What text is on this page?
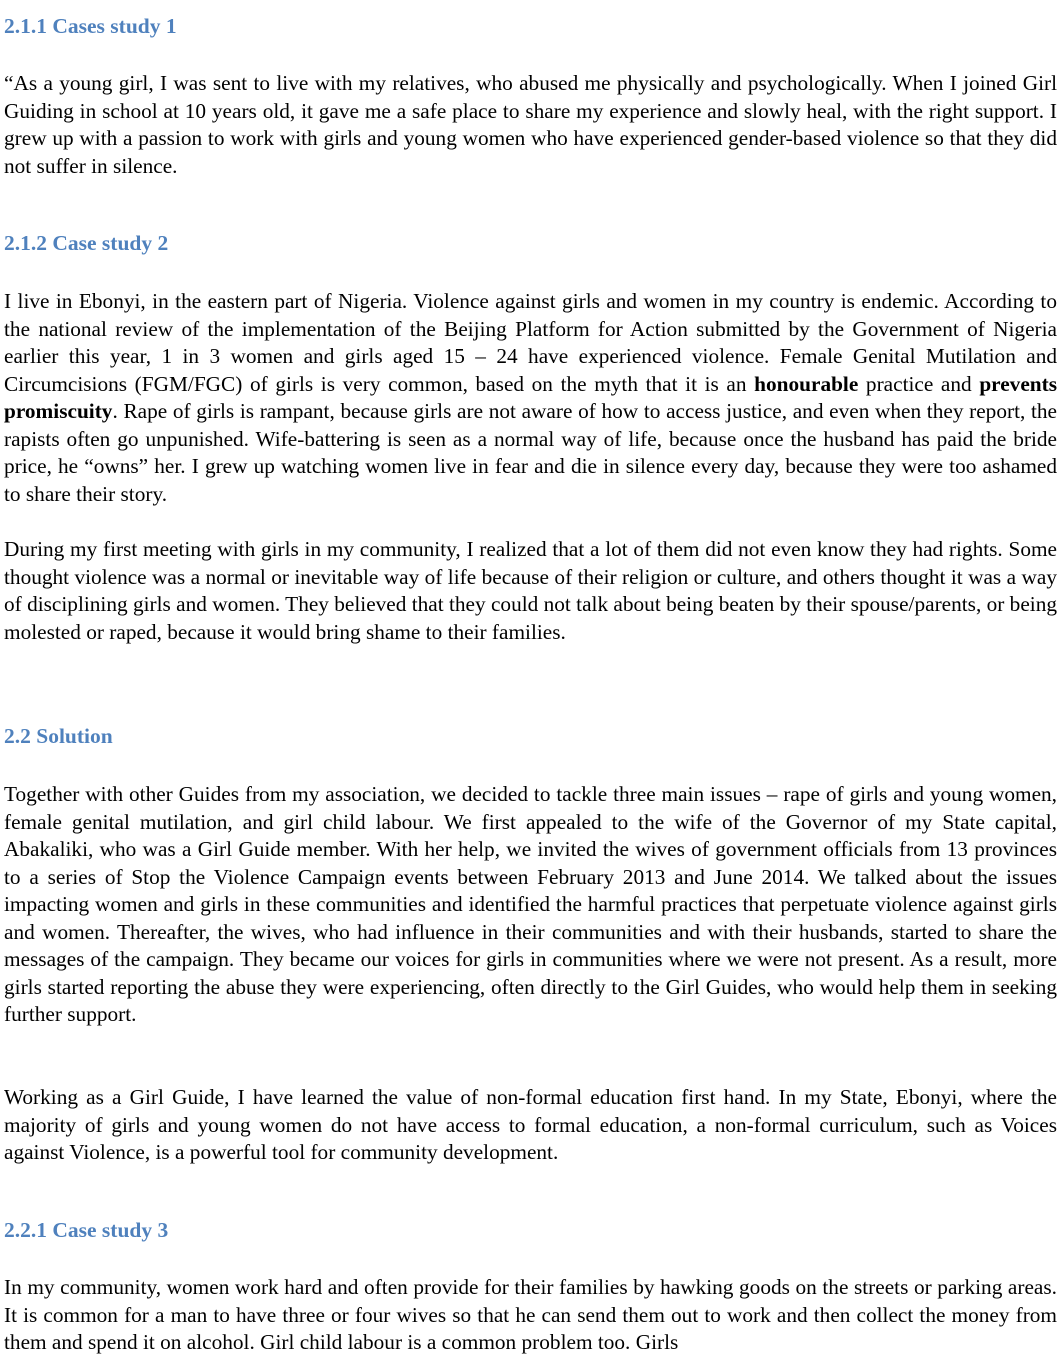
2.1.1 Cases study 1

“As a young girl, I was sent to live with my relatives, who abused me physically and psychologically. When I joined Girl Guiding in school at 10 years old, it gave me a safe place to share my experience and slowly heal, with the right support. I grew up with a passion to work with girls and young women who have experienced gender-based violence so that they did not suffer in silence.

2.1.2 Case study 2

I live in Ebonyi, in the eastern part of Nigeria. Violence against girls and women in my country is endemic. According to the national review of the implementation of the Beijing Platform for Action submitted by the Government of Nigeria earlier this year, 1 in 3 women and girls aged 15 – 24 have experienced violence. Female Genital Mutilation and Circumcisions (FGM/FGC) of girls is very common, based on the myth that it is an honourable practice and prevents promiscuity. Rape of girls is rampant, because girls are not aware of how to access justice, and even when they report, the rapists often go unpunished. Wife-battering is seen as a normal way of life, because once the husband has paid the bride price, he “owns” her. I grew up watching women live in fear and die in silence every day, because they were too ashamed to share their story.

During my first meeting with girls in my community, I realized that a lot of them did not even know they had rights. Some thought violence was a normal or inevitable way of life because of their religion or culture, and others thought it was a way of disciplining girls and women. They believed that they could not talk about being beaten by their spouse/parents, or being molested or raped, because it would bring shame to their families.

2.2 Solution

Together with other Guides from my association, we decided to tackle three main issues – rape of girls and young women, female genital mutilation, and girl child labour. We first appealed to the wife of the Governor of my State capital, Abakaliki, who was a Girl Guide member. With her help, we invited the wives of government officials from 13 provinces to a series of Stop the Violence Campaign events between February 2013 and June 2014. We talked about the issues impacting women and girls in these communities and identified the harmful practices that perpetuate violence against girls and women. Thereafter, the wives, who had influence in their communities and with their husbands, started to share the messages of the campaign. They became our voices for girls in communities where we were not present. As a result, more girls started reporting the abuse they were experiencing, often directly to the Girl Guides, who would help them in seeking further support.

Working as a Girl Guide, I have learned the value of non-formal education first hand. In my State, Ebonyi, where the majority of girls and young women do not have access to formal education, a non-formal curriculum, such as Voices against Violence, is a powerful tool for community development.

2.2.1 Case study 3

In my community, women work hard and often provide for their families by hawking goods on the streets or parking areas. It is common for a man to have three or four wives so that he can send them out to work and then collect the money from them and spend it on alcohol. Girl child labour is a common problem too. Girls
